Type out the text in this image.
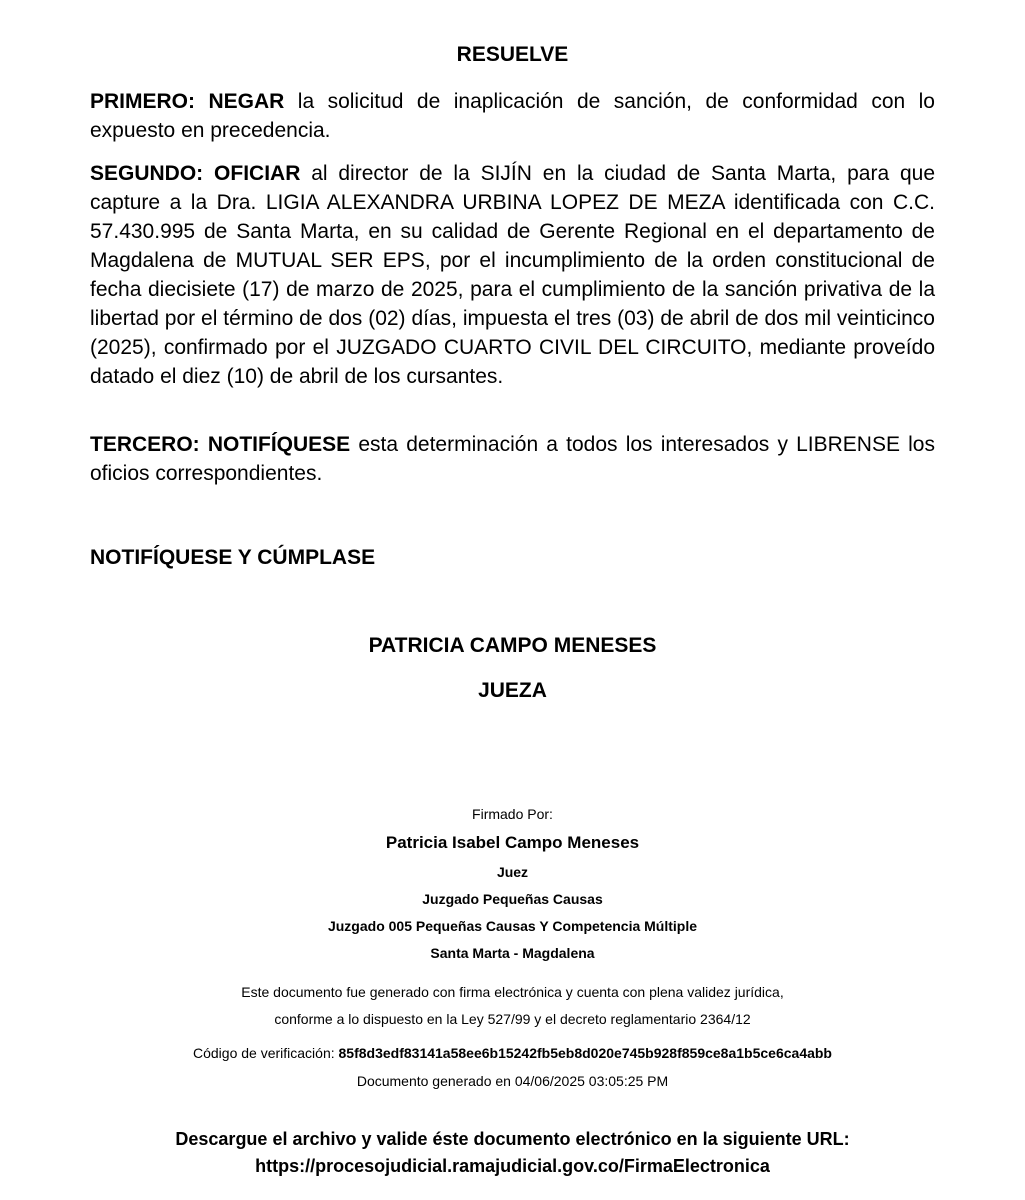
RESUELVE

PRIMERO: NEGAR la solicitud de inaplicación de sanción, de conformidad con lo expuesto en precedencia.

SEGUNDO: OFICIAR al director de la SIJÍN en la ciudad de Santa Marta, para que capture a la Dra. LIGIA ALEXANDRA URBINA LOPEZ DE MEZA identificada con C.C. 57.430.995 de Santa Marta, en su calidad de Gerente Regional en el departamento de Magdalena de MUTUAL SER EPS, por el incumplimiento de la orden constitucional de fecha diecisiete (17) de marzo de 2025, para el cumplimiento de la sanción privativa de la libertad por el término de dos (02) días, impuesta el tres (03) de abril de dos mil veinticinco (2025), confirmado por el JUZGADO CUARTO CIVIL DEL CIRCUITO, mediante proveído datado el diez (10) de abril de los cursantes.

TERCERO: NOTIFÍQUESE esta determinación a todos los interesados y LIBRENSE los oficios correspondientes.

NOTIFÍQUESE Y CÚMPLASE

PATRICIA CAMPO MENESES

JUEZA

Firmado Por:

Patricia Isabel Campo Meneses

Juez

Juzgado Pequeñas Causas

Juzgado 005 Pequeñas Causas Y Competencia Múltiple

Santa Marta - Magdalena

Este documento fue generado con firma electrónica y cuenta con plena validez jurídica,

conforme a lo dispuesto en la Ley 527/99 y el decreto reglamentario 2364/12

Código de verificación: 85f8d3edf83141a58ee6b15242fb5eb8d020e745b928f859ce8a1b5ce6ca4abb

Documento generado en 04/06/2025 03:05:25 PM

Descargue el archivo y valide éste documento electrónico en la siguiente URL:

https://procesojudicial.ramajudicial.gov.co/FirmaElectronica
